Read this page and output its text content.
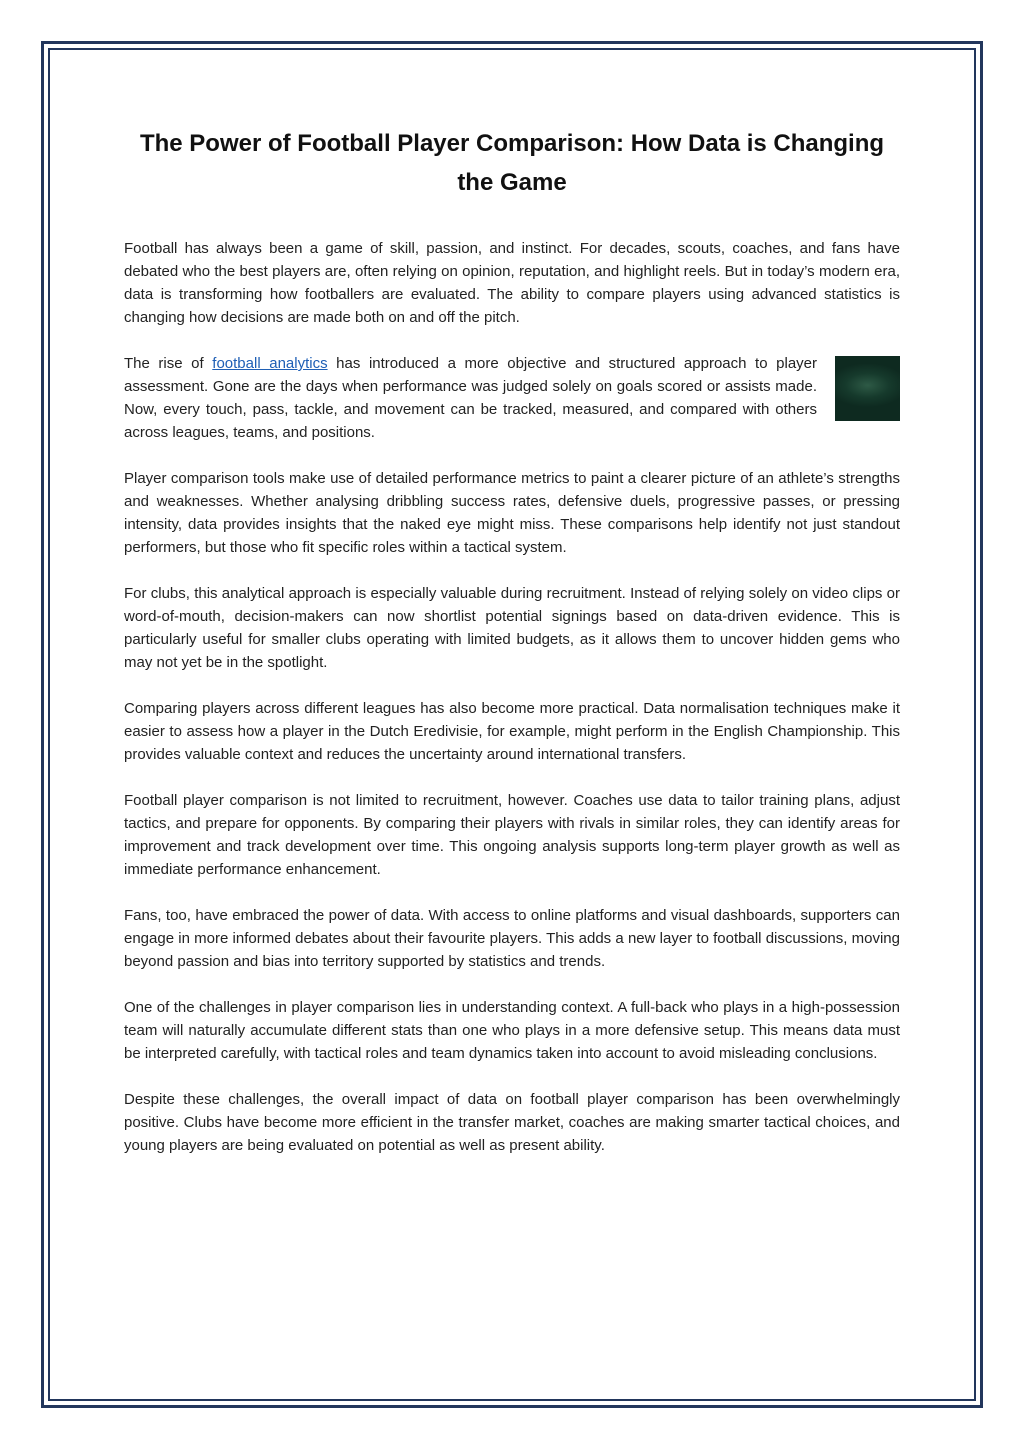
The Power of Football Player Comparison: How Data is Changing the Game

Football has always been a game of skill, passion, and instinct. For decades, scouts, coaches, and fans have debated who the best players are, often relying on opinion, reputation, and highlight reels. But in today’s modern era, data is transforming how footballers are evaluated. The ability to compare players using advanced statistics is changing how decisions are made both on and off the pitch.

The rise of football analytics has introduced a more objective and structured approach to player assessment. Gone are the days when performance was judged solely on goals scored or assists made. Now, every touch, pass, tackle, and movement can be tracked, measured, and compared with others across leagues, teams, and positions.

Player comparison tools make use of detailed performance metrics to paint a clearer picture of an athlete’s strengths and weaknesses. Whether analysing dribbling success rates, defensive duels, progressive passes, or pressing intensity, data provides insights that the naked eye might miss. These comparisons help identify not just standout performers, but those who fit specific roles within a tactical system.

For clubs, this analytical approach is especially valuable during recruitment. Instead of relying solely on video clips or word-of-mouth, decision-makers can now shortlist potential signings based on data-driven evidence. This is particularly useful for smaller clubs operating with limited budgets, as it allows them to uncover hidden gems who may not yet be in the spotlight.

Comparing players across different leagues has also become more practical. Data normalisation techniques make it easier to assess how a player in the Dutch Eredivisie, for example, might perform in the English Championship. This provides valuable context and reduces the uncertainty around international transfers.

Football player comparison is not limited to recruitment, however. Coaches use data to tailor training plans, adjust tactics, and prepare for opponents. By comparing their players with rivals in similar roles, they can identify areas for improvement and track development over time. This ongoing analysis supports long-term player growth as well as immediate performance enhancement.

Fans, too, have embraced the power of data. With access to online platforms and visual dashboards, supporters can engage in more informed debates about their favourite players. This adds a new layer to football discussions, moving beyond passion and bias into territory supported by statistics and trends.

One of the challenges in player comparison lies in understanding context. A full-back who plays in a high-possession team will naturally accumulate different stats than one who plays in a more defensive setup. This means data must be interpreted carefully, with tactical roles and team dynamics taken into account to avoid misleading conclusions.

Despite these challenges, the overall impact of data on football player comparison has been overwhelmingly positive. Clubs have become more efficient in the transfer market, coaches are making smarter tactical choices, and young players are being evaluated on potential as well as present ability.
